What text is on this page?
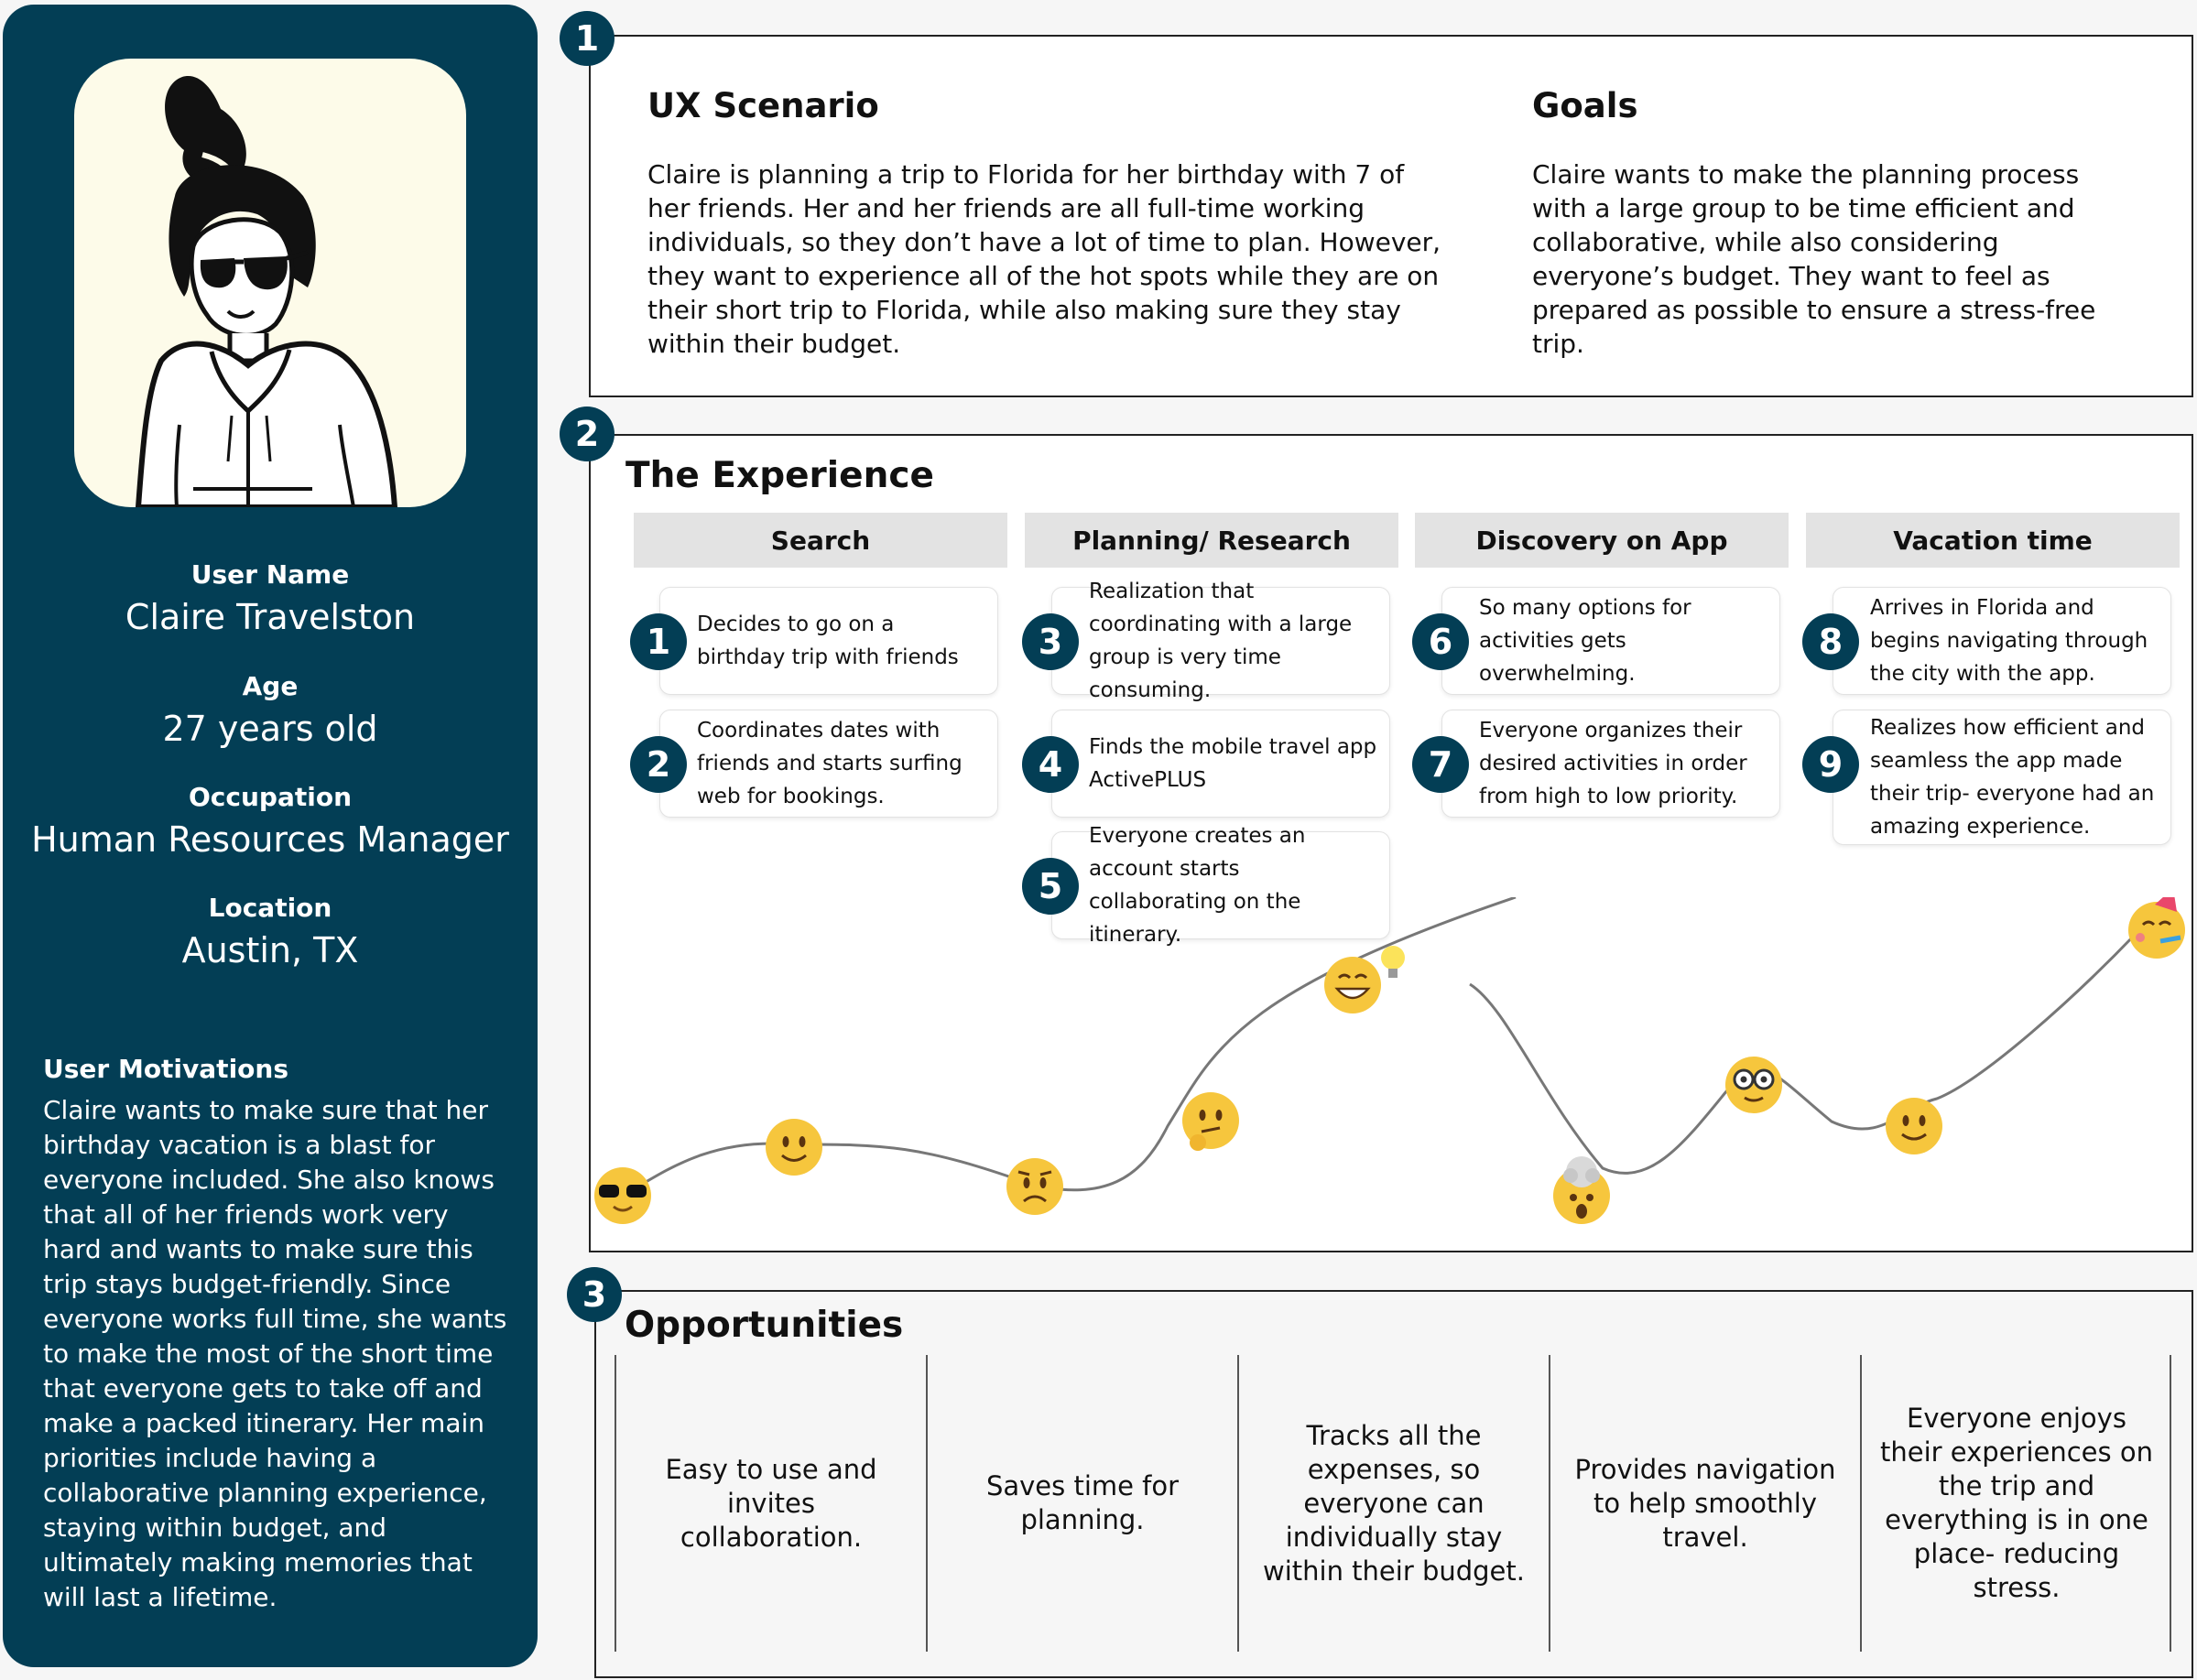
User Name
Claire Travelston
Age
27 years old
Occupation
Human Resources Manager
Location
Austin, TX
User Motivations
Claire wants to make sure that her birthday vacation is a blast for everyone included. She also knows that all of her friends work very hard and wants to make sure this trip stays budget-friendly. Since everyone works full time, she wants to make the most of the short time that everyone gets to take off and make a packed itinerary. Her main priorities include having a collaborative planning experience, staying within budget, and ultimately making memories that will last a lifetime.
1
UX Scenario
Claire is planning a trip to Florida for her birthday with 7 of her friends. Her and her friends are all full-time working individuals, so they don’t have a lot of time to plan. However, they want to experience all of the hot spots while they are on their short trip to Florida, while also making sure they stay within their budget.
Goals
Claire wants to make the planning process with a large group to be time efficient and collaborative, while also considering everyone’s budget. They want to feel as prepared as possible to ensure a stress-free trip.
2
The Experience
Search	Planning/ Research	Discovery on App	Vacation time
Decides to go on a birthday trip with friends
1
Coordinates dates with friends and starts surfing web for bookings.
2
Realization that coordinating with a large group is very time consuming.
3
Finds the mobile travel app ActivePLUS
4
Everyone creates an account starts collaborating on the itinerary.
5
So many options for activities gets overwhelming.
6
Everyone organizes their desired activities in order from high to low priority.
7
Arrives in Florida and begins navigating through the city with the app.
8
Realizes how efficient and seamless the app made their trip- everyone had an amazing experience.
9
3
Opportunities
Easy to use and invites collaboration.
Saves time for planning.
Tracks all the expenses, so everyone can individually stay within their budget.
Provides navigation to help smoothly travel.
Everyone enjoys their experiences on the trip and everything is in one place- reducing stress.
